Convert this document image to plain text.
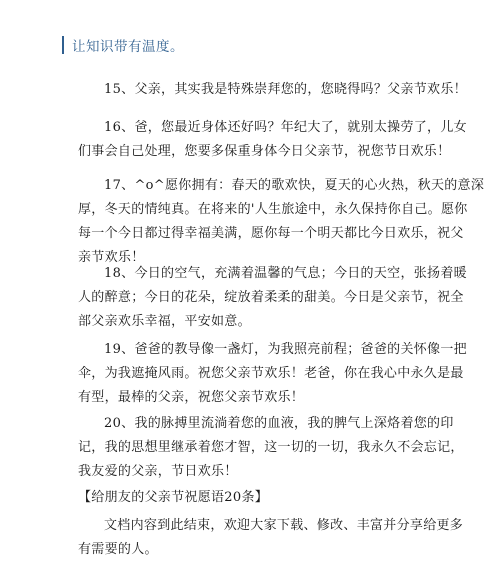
让知识带有温度。
15、父亲，其实我是特殊崇拜您的，您晓得吗？父亲节欢乐！
16、爸，您最近身体还好吗？年纪大了，就别太操劳了，儿女
们事会自己处理，您要多保重身体今日父亲节，祝您节日欢乐！
17、^o^愿你拥有：春天的歌欢快，夏天的心火热，秋天的意深
厚，冬天的情纯真。在将来的'人生旅途中，永久保持你自己。愿你
每一个今日都过得幸福美满，愿你每一个明天都比今日欢乐，祝父
亲节欢乐！
18、今日的空气，充满着温馨的气息；今日的天空，张扬着暖
人的醉意；今日的花朵，绽放着柔柔的甜美。今日是父亲节，祝全
部父亲欢乐幸福，平安如意。
19、爸爸的教导像一盏灯，为我照亮前程；爸爸的关怀像一把
伞，为我遮掩风雨。祝您父亲节欢乐！老爸，你在我心中永久是最
有型，最棒的父亲，祝您父亲节欢乐！
20、我的脉搏里流淌着您的血液，我的脾气上深烙着您的印
记，我的思想里继承着您才智，这一切的一切，我永久不会忘记，
我友爱的父亲，节日欢乐！
【给朋友的父亲节祝愿语20条】
文档内容到此结束，欢迎大家下载、修改、丰富并分享给更多
有需要的人。
